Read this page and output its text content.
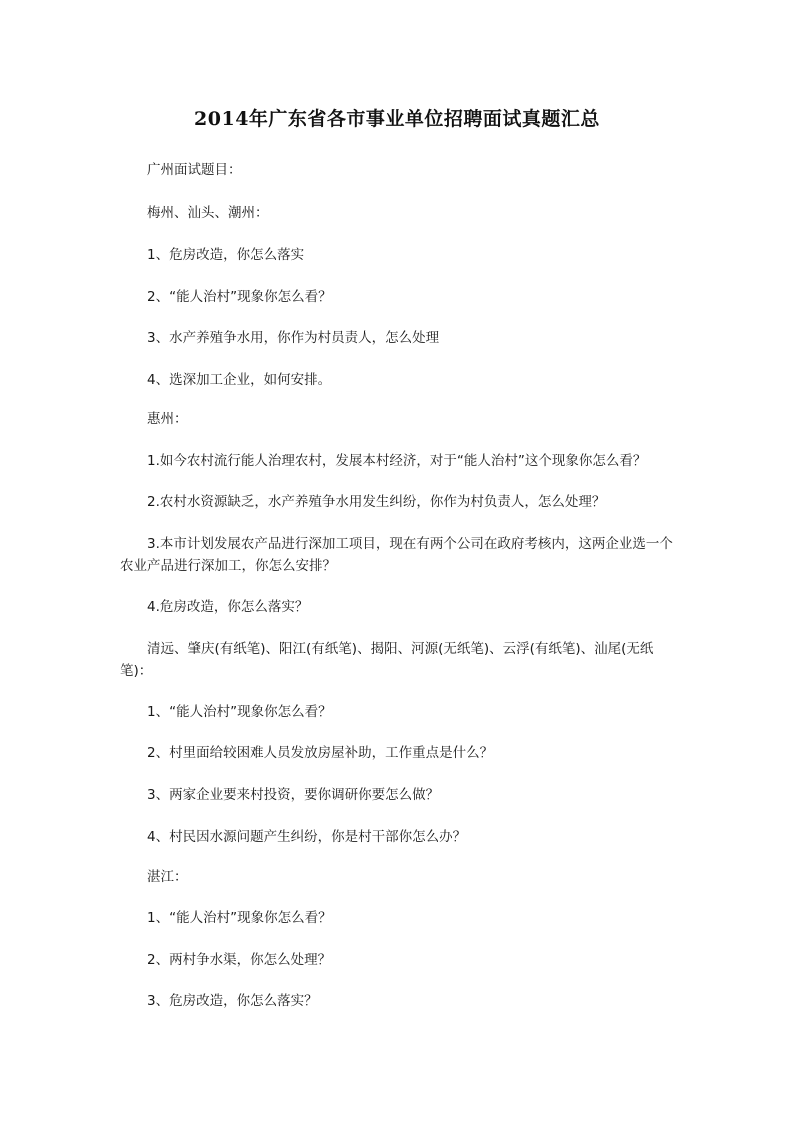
2014年广东省各市事业单位招聘面试真题汇总
广州面试题目：
梅州、汕头、潮州：
1、危房改造，你怎么落实
2、“能人治村”现象你怎么看？
3、水产养殖争水用，你作为村员责人，怎么处理
4、选深加工企业，如何安排。
惠州：
1.如今农村流行能人治理农村，发展本村经济，对于“能人治村”这个现象你怎么看？
2.农村水资源缺乏，水产养殖争水用发生纠纷，你作为村负责人，怎么处理？
3.本市计划发展农产品进行深加工项目，现在有两个公司在政府考核内，这两企业选一个农业产品进行深加工，你怎么安排？
4.危房改造，你怎么落实？
清远、肇庆(有纸笔)、阳江(有纸笔)、揭阳、河源(无纸笔)、云浮(有纸笔)、汕尾(无纸笔)：
1、“能人治村”现象你怎么看？
2、村里面给较困难人员发放房屋补助，工作重点是什么？
3、两家企业要来村投资，要你调研你要怎么做？
4、村民因水源问题产生纠纷，你是村干部你怎么办？
湛江：
1、“能人治村”现象你怎么看？
2、两村争水渠，你怎么处理？
3、危房改造，你怎么落实？
